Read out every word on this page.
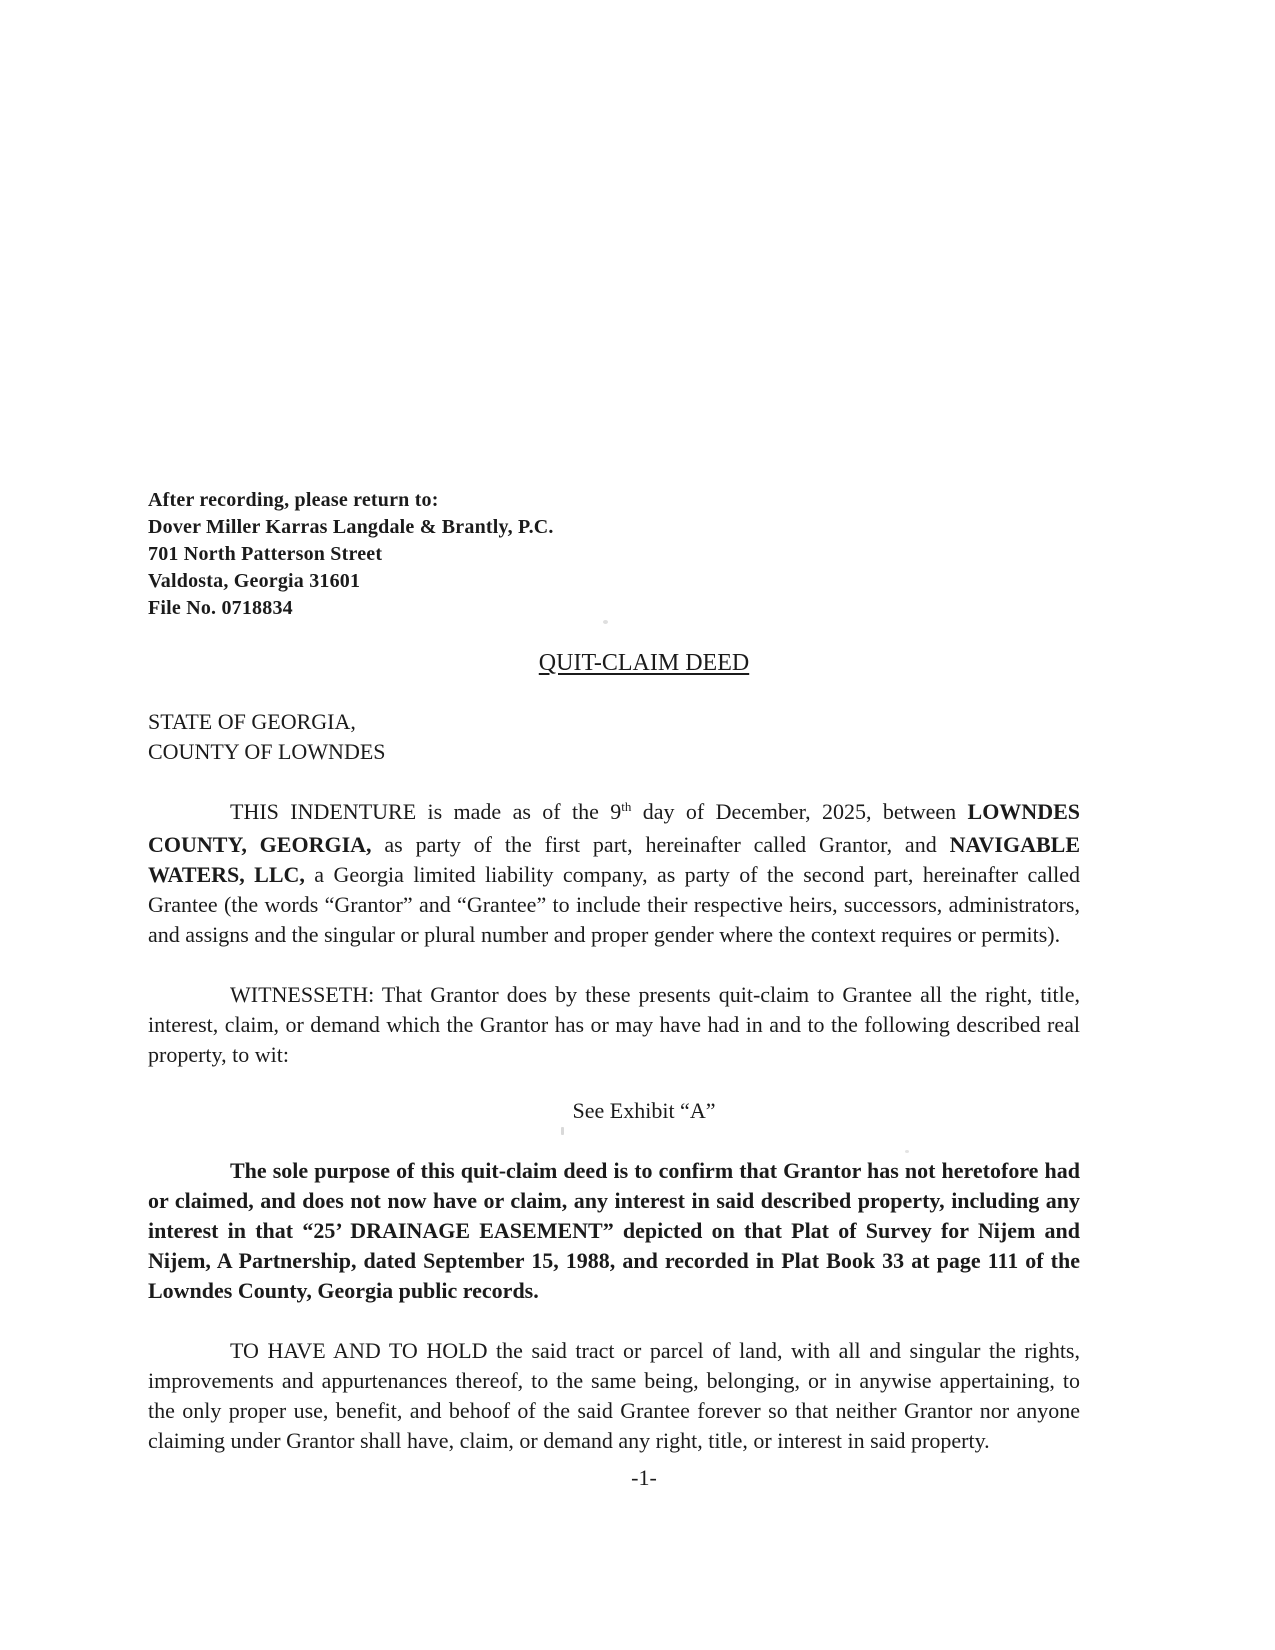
After recording, please return to:
Dover Miller Karras Langdale & Brantly, P.C.
701 North Patterson Street
Valdosta, Georgia 31601
File No. 0718834
QUIT-CLAIM DEED
STATE OF GEORGIA,
COUNTY OF LOWNDES

THIS INDENTURE is made as of the 9th day of December, 2025, between LOWNDES COUNTY, GEORGIA, as party of the first part, hereinafter called Grantor, and NAVIGABLE WATERS, LLC, a Georgia limited liability company, as party of the second part, hereinafter called Grantee (the words “Grantor” and “Grantee” to include their respective heirs, successors, administrators, and assigns and the singular or plural number and proper gender where the context requires or permits).

WITNESSETH: That Grantor does by these presents quit-claim to Grantee all the right, title, interest, claim, or demand which the Grantor has or may have had in and to the following described real property, to wit:

See Exhibit “A”

The sole purpose of this quit-claim deed is to confirm that Grantor has not heretofore had or claimed, and does not now have or claim, any interest in said described property, including any interest in that “25’ DRAINAGE EASEMENT” depicted on that Plat of Survey for Nijem and Nijem, A Partnership, dated September 15, 1988, and recorded in Plat Book 33 at page 111 of the Lowndes County, Georgia public records.

TO HAVE AND TO HOLD the said tract or parcel of land, with all and singular the rights, improvements and appurtenances thereof, to the same being, belonging, or in anywise appertaining, to the only proper use, benefit, and behoof of the said Grantee forever so that neither Grantor nor anyone claiming under Grantor shall have, claim, or demand any right, title, or interest in said property.

-1-
